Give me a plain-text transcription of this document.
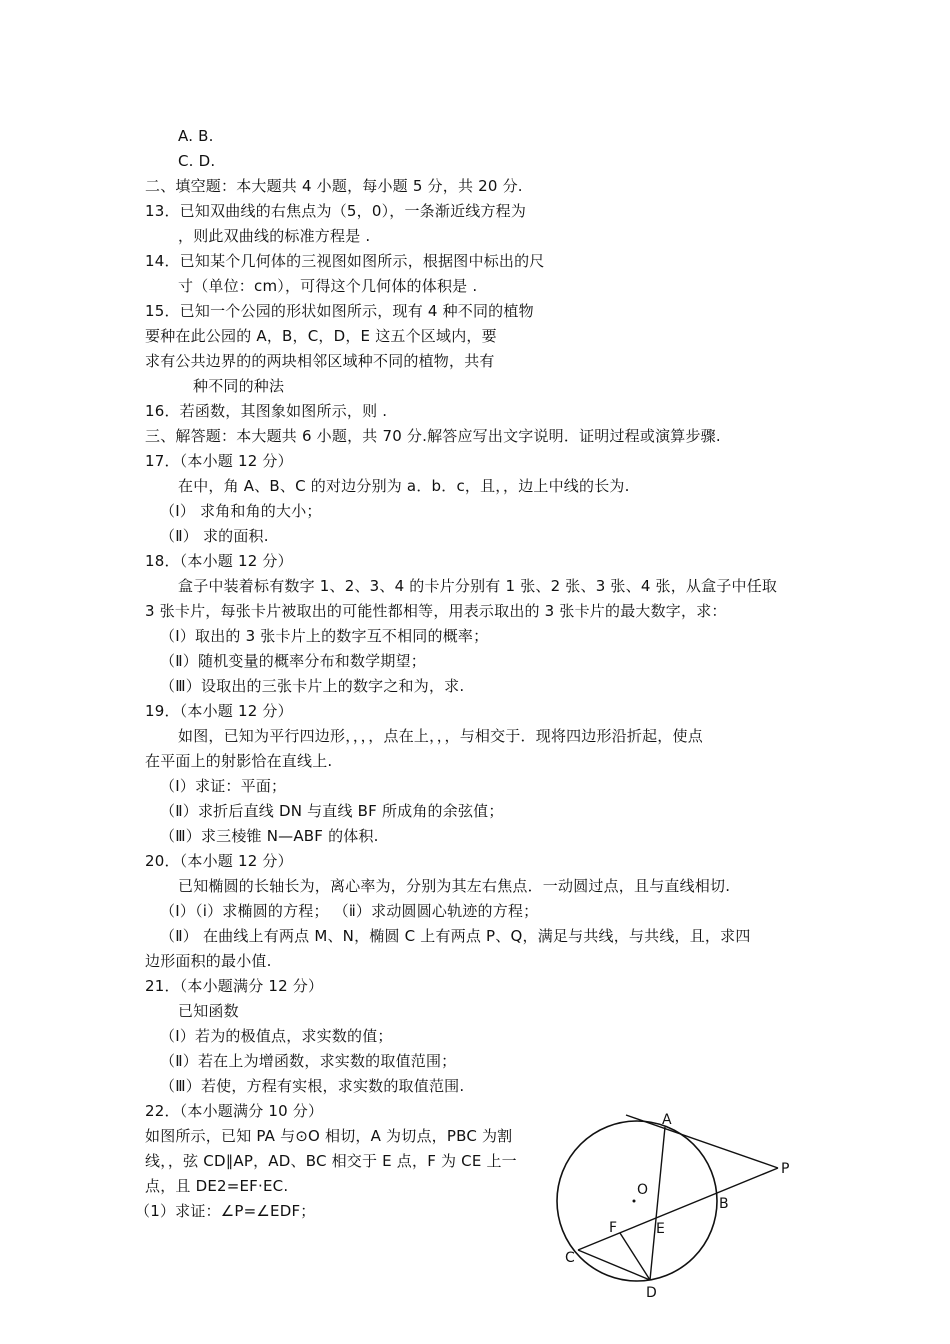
A. B.
C. D.
二、填空题：本大题共 4 小题，每小题 5 分，共 20 分.
13．已知双曲线的右焦点为（5，0），一条渐近线方程为
，则此双曲线的标准方程是 .
14．已知某个几何体的三视图如图所示，根据图中标出的尺
寸（单位：cm），可得这个几何体的体积是 .
15．已知一个公园的形状如图所示，现有 4 种不同的植物
要种在此公园的 A，B，C，D，E 这五个区域内，要
求有公共边界的的两块相邻区域种不同的植物，共有
种不同的种法
16．若函数，其图象如图所示，则 .
三、解答题：本大题共 6 小题，共 70 分.解答应写出文字说明．证明过程或演算步骤.
17．（本小题 12 分）
在中，角 A、B、C 的对边分别为 a．b．c，且，，边上中线的长为.
（Ⅰ） 求角和角的大小；
（Ⅱ） 求的面积.
18．（本小题 12 分）
盒子中装着标有数字 1、2、3、4 的卡片分别有 1 张、2 张、3 张、4 张，从盒子中任取
3 张卡片，每张卡片被取出的可能性都相等，用表示取出的 3 张卡片的最大数字，求：
（Ⅰ）取出的 3 张卡片上的数字互不相同的概率；
（Ⅱ）随机变量的概率分布和数学期望；
（Ⅲ）设取出的三张卡片上的数字之和为，求.
19．（本小题 12 分）
如图，已知为平行四边形，，，，点在上，，，与相交于．现将四边形沿折起，使点
在平面上的射影恰在直线上.
（Ⅰ）求证：平面；
（Ⅱ）求折后直线 DN 与直线 BF 所成角的余弦值；
（Ⅲ）求三棱锥 N—ABF 的体积.
20．（本小题 12 分）
已知椭圆的长轴长为，离心率为，分别为其左右焦点．一动圆过点，且与直线相切.
（Ⅰ）（ⅰ）求椭圆的方程； （ⅱ）求动圆圆心轨迹的方程；
（Ⅱ） 在曲线上有两点 M、N，椭圆 C 上有两点 P、Q，满足与共线，与共线，且，求四
边形面积的最小值.
21．（本小题满分 12 分）
已知函数
（Ⅰ）若为的极值点，求实数的值；
（Ⅱ）若在上为增函数，求实数的取值范围；
（Ⅲ）若使，方程有实根，求实数的取值范围.
22．（本小题满分 10 分）
如图所示，已知 PA 与⊙O 相切，A 为切点，PBC 为割
线，，弦 CD∥AP，AD、BC 相交于 E 点，F 为 CE 上一
点，且 DE2=EF·EC.
（1）求证：∠P=∠EDF；
A
P
B
O
E
F
C
D
